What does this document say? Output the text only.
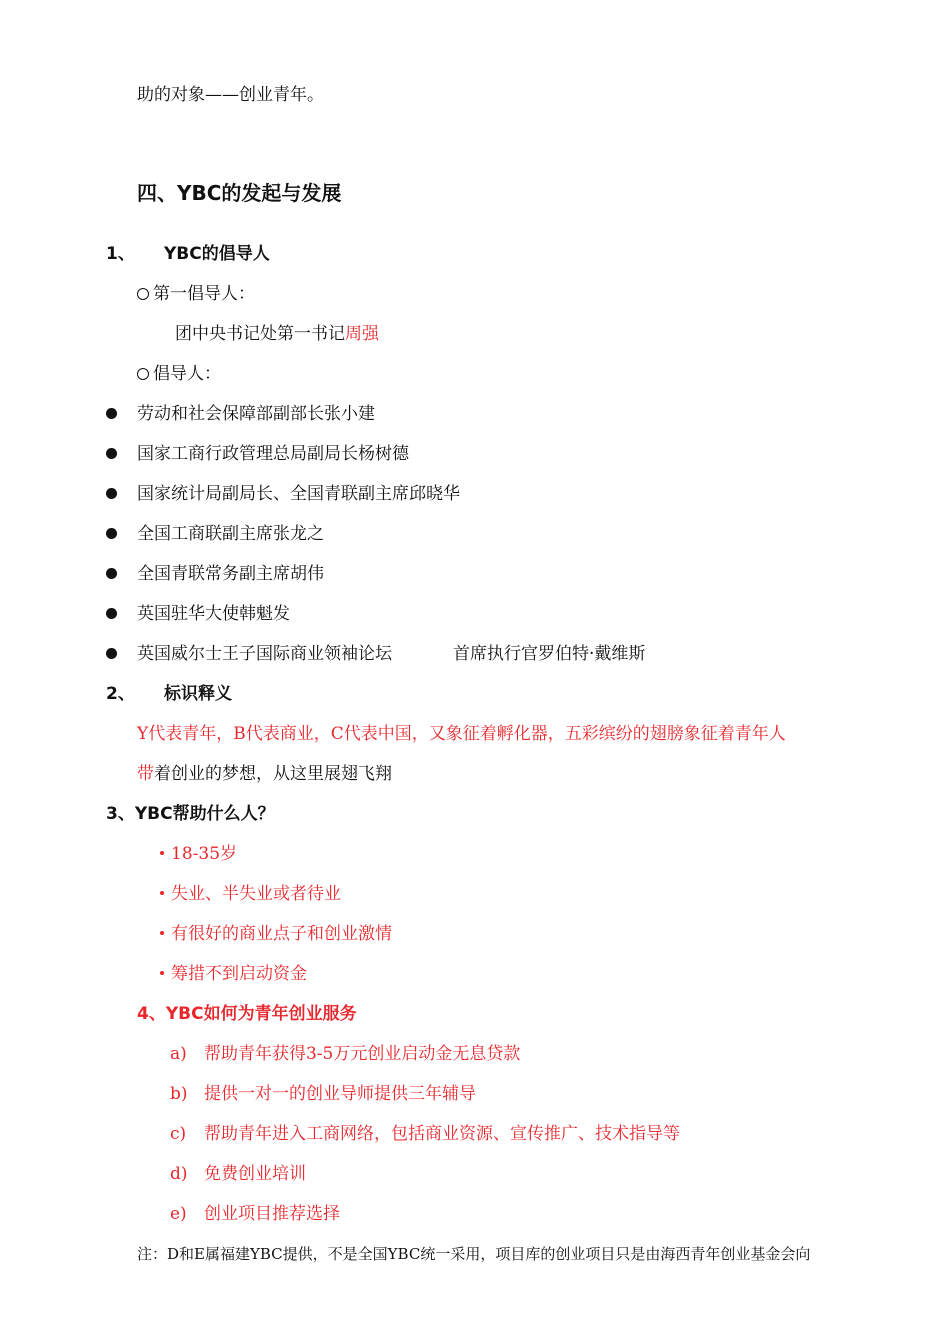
助的对象——创业青年。
四、YBC的发起与发展
1、 YBC的倡导人
第一倡导人：
团中央书记处第一书记周强
倡导人：
劳动和社会保障部副部长张小建
国家工商行政管理总局副局长杨树德
国家统计局副局长、全国青联副主席邱晓华
全国工商联副主席张龙之
全国青联常务副主席胡伟
英国驻华大使韩魁发
英国威尔士王子国际商业领袖论坛	首席执行官罗伯特·戴维斯
2、 标识释义
Y代表青年，B代表商业，C代表中国，又象征着孵化器，五彩缤纷的翅膀象征着青年人
带着创业的梦想，从这里展翅飞翔
3、YBC帮助什么人？
18-35岁
失业、半失业或者待业
有很好的商业点子和创业激情
筹措不到启动资金
4、YBC如何为青年创业服务
a) 帮助青年获得3-5万元创业启动金无息贷款
b) 提供一对一的创业导师提供三年辅导
c) 帮助青年进入工商网络，包括商业资源、宣传推广、技术指导等
d) 免费创业培训
e) 创业项目推荐选择
注：D和E属福建YBC提供，不是全国YBC统一采用，项目库的创业项目只是由海西青年创业基金会向
